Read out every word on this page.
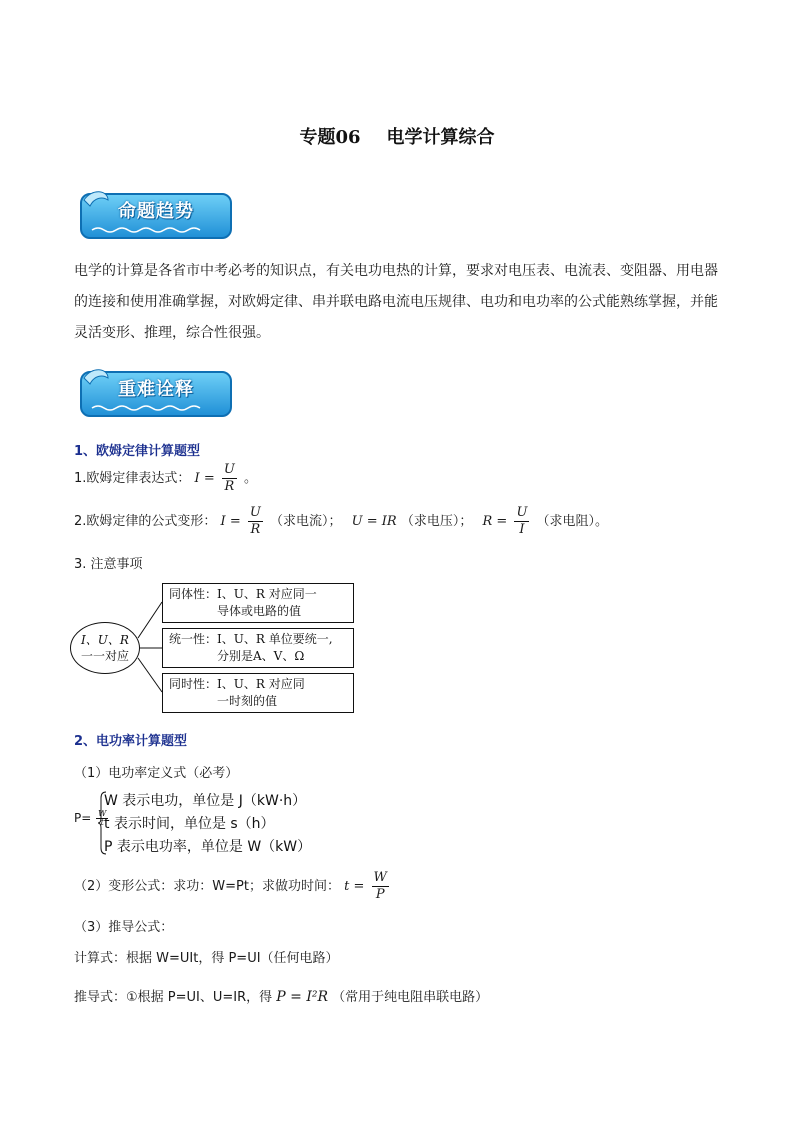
专题06 电学计算综合
命题趋势
电学的计算是各省市中考必考的知识点，有关电功电热的计算，要求对电压表、电流表、变阻器、用电器的连接和使用准确掌握，对欧姆定律、串并联电路电流电压规律、电功和电功率的公式能熟练掌握，并能灵活变形、推理，综合性很强。
重难诠释
1、欧姆定律计算题型
1.欧姆定律表达式： $I = \frac{U}{R}$ 。
2.欧姆定律的公式变形： $I = \frac{U}{R}$ （求电流）； U = IR （求电压）； $R = \frac{U}{I}$ （求电阻）。
3. 注意事项
I、U、R
一一对应
同体性：I、U、R 对应同一
导体或电路的值
统一性：I、U、R 单位要统一,
分别是A、V、Ω
同时性：I、U、R 对应同
一时刻的值
2、电功率计算题型
（1）电功率定义式（必考）
$P= \frac{W}{t}$
W 表示电功，单位是 J（kW·h）
t 表示时间，单位是 s（h）
P 表示电功率，单位是 W（kW）
（2）变形公式：求功：W=Pt；求做功时间： $t = \frac{W}{P}$
（3）推导公式：
计算式：根据 W=UIt，得 P=UI（任何电路）
推导式：①根据 P=UI、U=IR，得 P = I²R （常用于纯电阻串联电路）
